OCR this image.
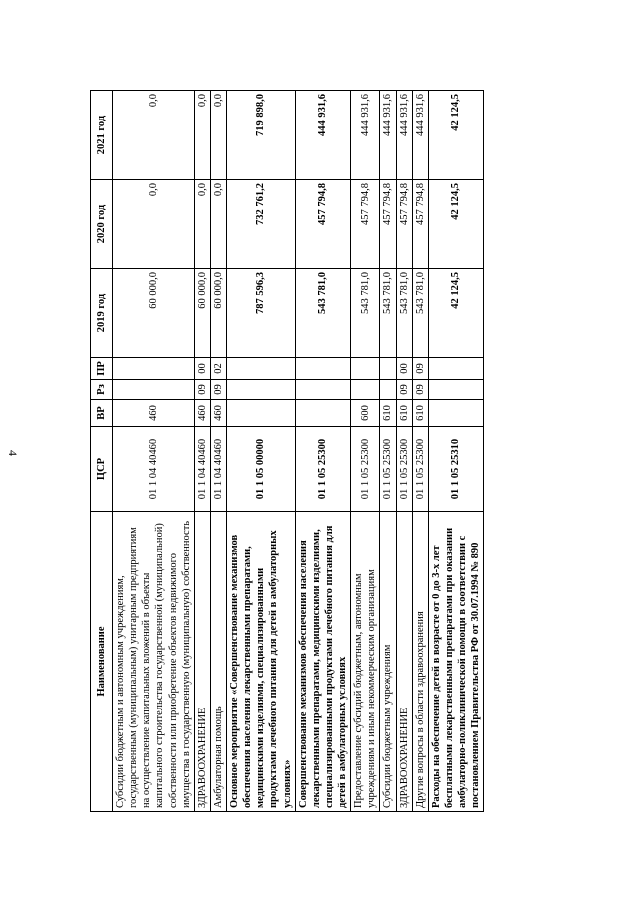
4
Наименование	ЦСР	ВР	Рз	ПР	2019 год	2020 год	2021 год
Субсидии бюджетным и автономным учреждениям, государственным (муниципальным) унитарным предприятиям на осуществление капитальных вложений в объекты капитального строительства государственной (муниципальной) собственности или приобретение объектов недвижимого имущества в государственную (муниципальную) собственность	01 1 04 40460	460			60 000,0	0,0	0,0
ЗДРАВООХРАНЕНИЕ	01 1 04 40460	460	09	00	60 000,0	0,0	0,0
Амбулаторная помощь	01 1 04 40460	460	09	02	60 000,0	0,0	0,0
Основное мероприятие «Совершенствование механизмов обеспечения населения лекарственными препаратами, медицинскими изделиями, специализированными продуктами лечебного питания для детей в амбулаторных условиях»	01 1 05 00000				787 596,3	732 761,2	719 898,0
Совершенствование механизмов обеспечения населения лекарственными препаратами, медицинскими изделиями, специализированными продуктами лечебного питания для детей в амбулаторных условиях	01 1 05 25300				543 781,0	457 794,8	444 931,6
Предоставление субсидий бюджетным, автономным учреждениям и иным некоммерческим организациям	01 1 05 25300	600			543 781,0	457 794,8	444 931,6
Субсидии бюджетным учреждениям	01 1 05 25300	610			543 781,0	457 794,8	444 931,6
ЗДРАВООХРАНЕНИЕ	01 1 05 25300	610	09	00	543 781,0	457 794,8	444 931,6
Другие вопросы в области здравоохранения	01 1 05 25300	610	09	09	543 781,0	457 794,8	444 931,6
Расходы на обеспечение детей в возрасте от 0 до 3-х лет бесплатными лекарственными препаратами при оказании амбулаторно-поликлинической помощи в соответствии с постановлением Правительства РФ от 30.07.1994 № 890	01 1 05 25310				42 124,5	42 124,5	42 124,5
